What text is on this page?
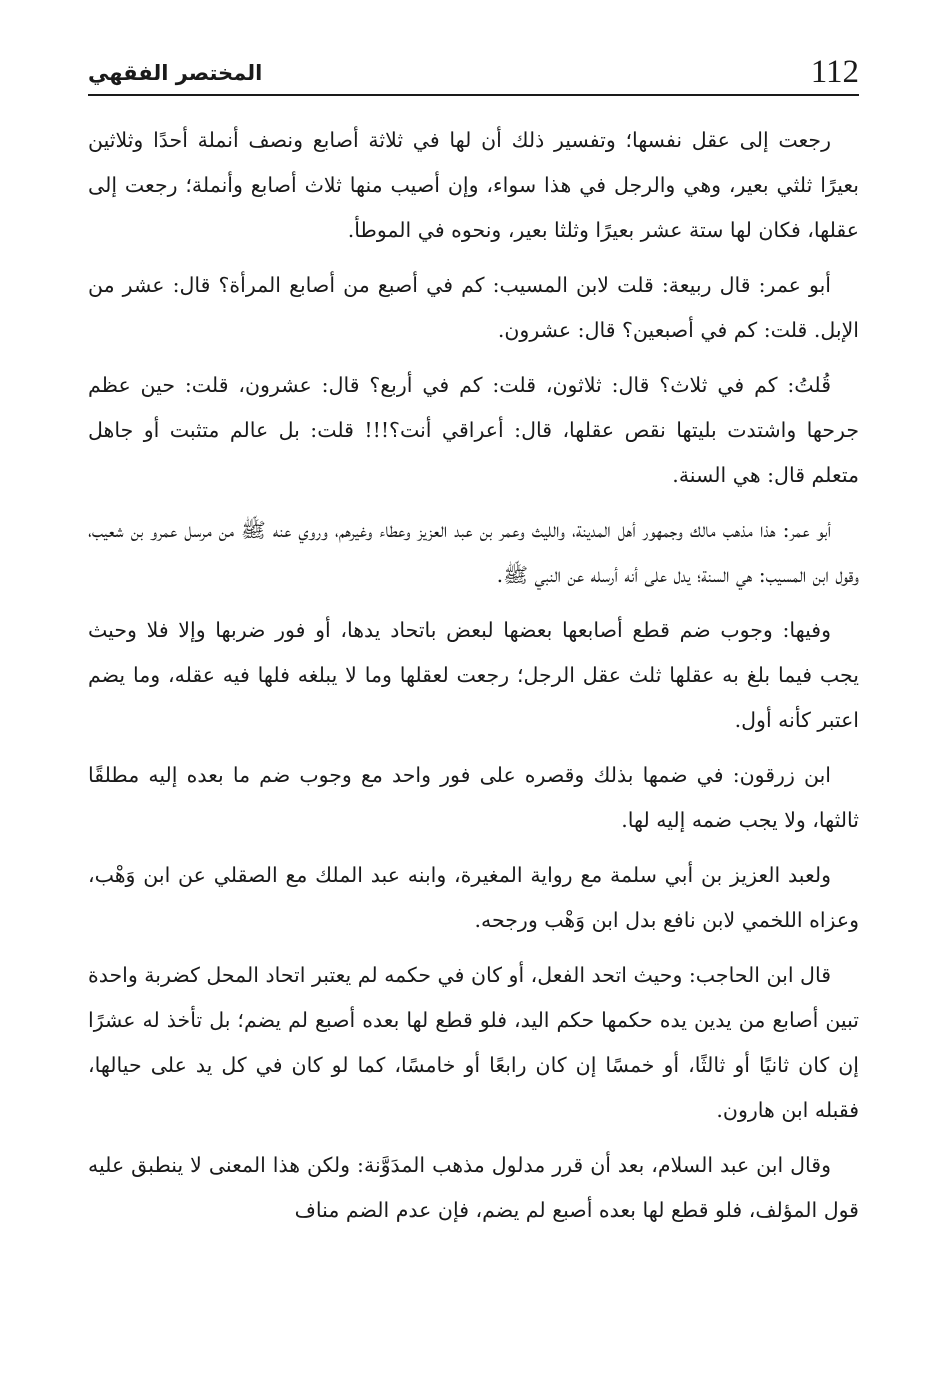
112
المختصر الفقهي

رجعت إلى عقل نفسها؛ وتفسير ذلك أن لها في ثلاثة أصابع ونصف أنملة أحدًا وثلاثين بعيرًا ثلثي بعير، وهي والرجل في هذا سواء، وإن أصيب منها ثلاث أصابع وأنملة؛ رجعت إلى عقلها، فكان لها ستة عشر بعيرًا وثلثا بعير، ونحوه في الموطأ.

أبو عمر: قال ربيعة: قلت لابن المسيب: كم في أصبع من أصابع المرأة؟ قال: عشر من الإبل. قلت: كم في أصبعين؟ قال: عشرون.

قُلتُ: كم في ثلاث؟ قال: ثلاثون، قلت: كم في أربع؟ قال: عشرون، قلت: حين عظم جرحها واشتدت بليتها نقص عقلها، قال: أعراقي أنت؟!!! قلت: بل عالم متثبت أو جاهل متعلم قال: هي السنة.

أبو عمر: هذا مذهب مالك وجمهور أهل المدينة، والليث وعمر بن عبد العزيز وعطاء وغيرهم، وروي عنه ﷺ من مرسل عمرو بن شعيب، وقول ابن المسيب: هي السنة؛ يدل على أنه أرسله عن النبي ﷺ.

وفيها: وجوب ضم قطع أصابعها بعضها لبعض باتحاد يدها، أو فور ضربها وإلا فلا وحيث يجب فيما بلغ به عقلها ثلث عقل الرجل؛ رجعت لعقلها وما لا يبلغه فلها فيه عقله، وما يضم اعتبر كأنه أول.

ابن زرقون: في ضمها بذلك وقصره على فور واحد مع وجوب ضم ما بعده إليه مطلقًا ثالثها، ولا يجب ضمه إليه لها.

ولعبد العزيز بن أبي سلمة مع رواية المغيرة، وابنه عبد الملك مع الصقلي عن ابن وَهْب، وعزاه اللخمي لابن نافع بدل ابن وَهْب ورجحه.

قال ابن الحاجب: وحيث اتحد الفعل، أو كان في حكمه لم يعتبر اتحاد المحل كضربة واحدة تبين أصابع من يدين يده حكمها حكم اليد، فلو قطع لها بعده أصبع لم يضم؛ بل تأخذ له عشرًا إن كان ثانيًا أو ثالثًا، أو خمسًا إن كان رابعًا أو خامسًا، كما لو كان في كل يد على حيالها، فقبله ابن هارون.

وقال ابن عبد السلام، بعد أن قرر مدلول مذهب المدَوَّنة: ولكن هذا المعنى لا ينطبق عليه قول المؤلف، فلو قطع لها بعده أصبع لم يضم، فإن عدم الضم مناف
